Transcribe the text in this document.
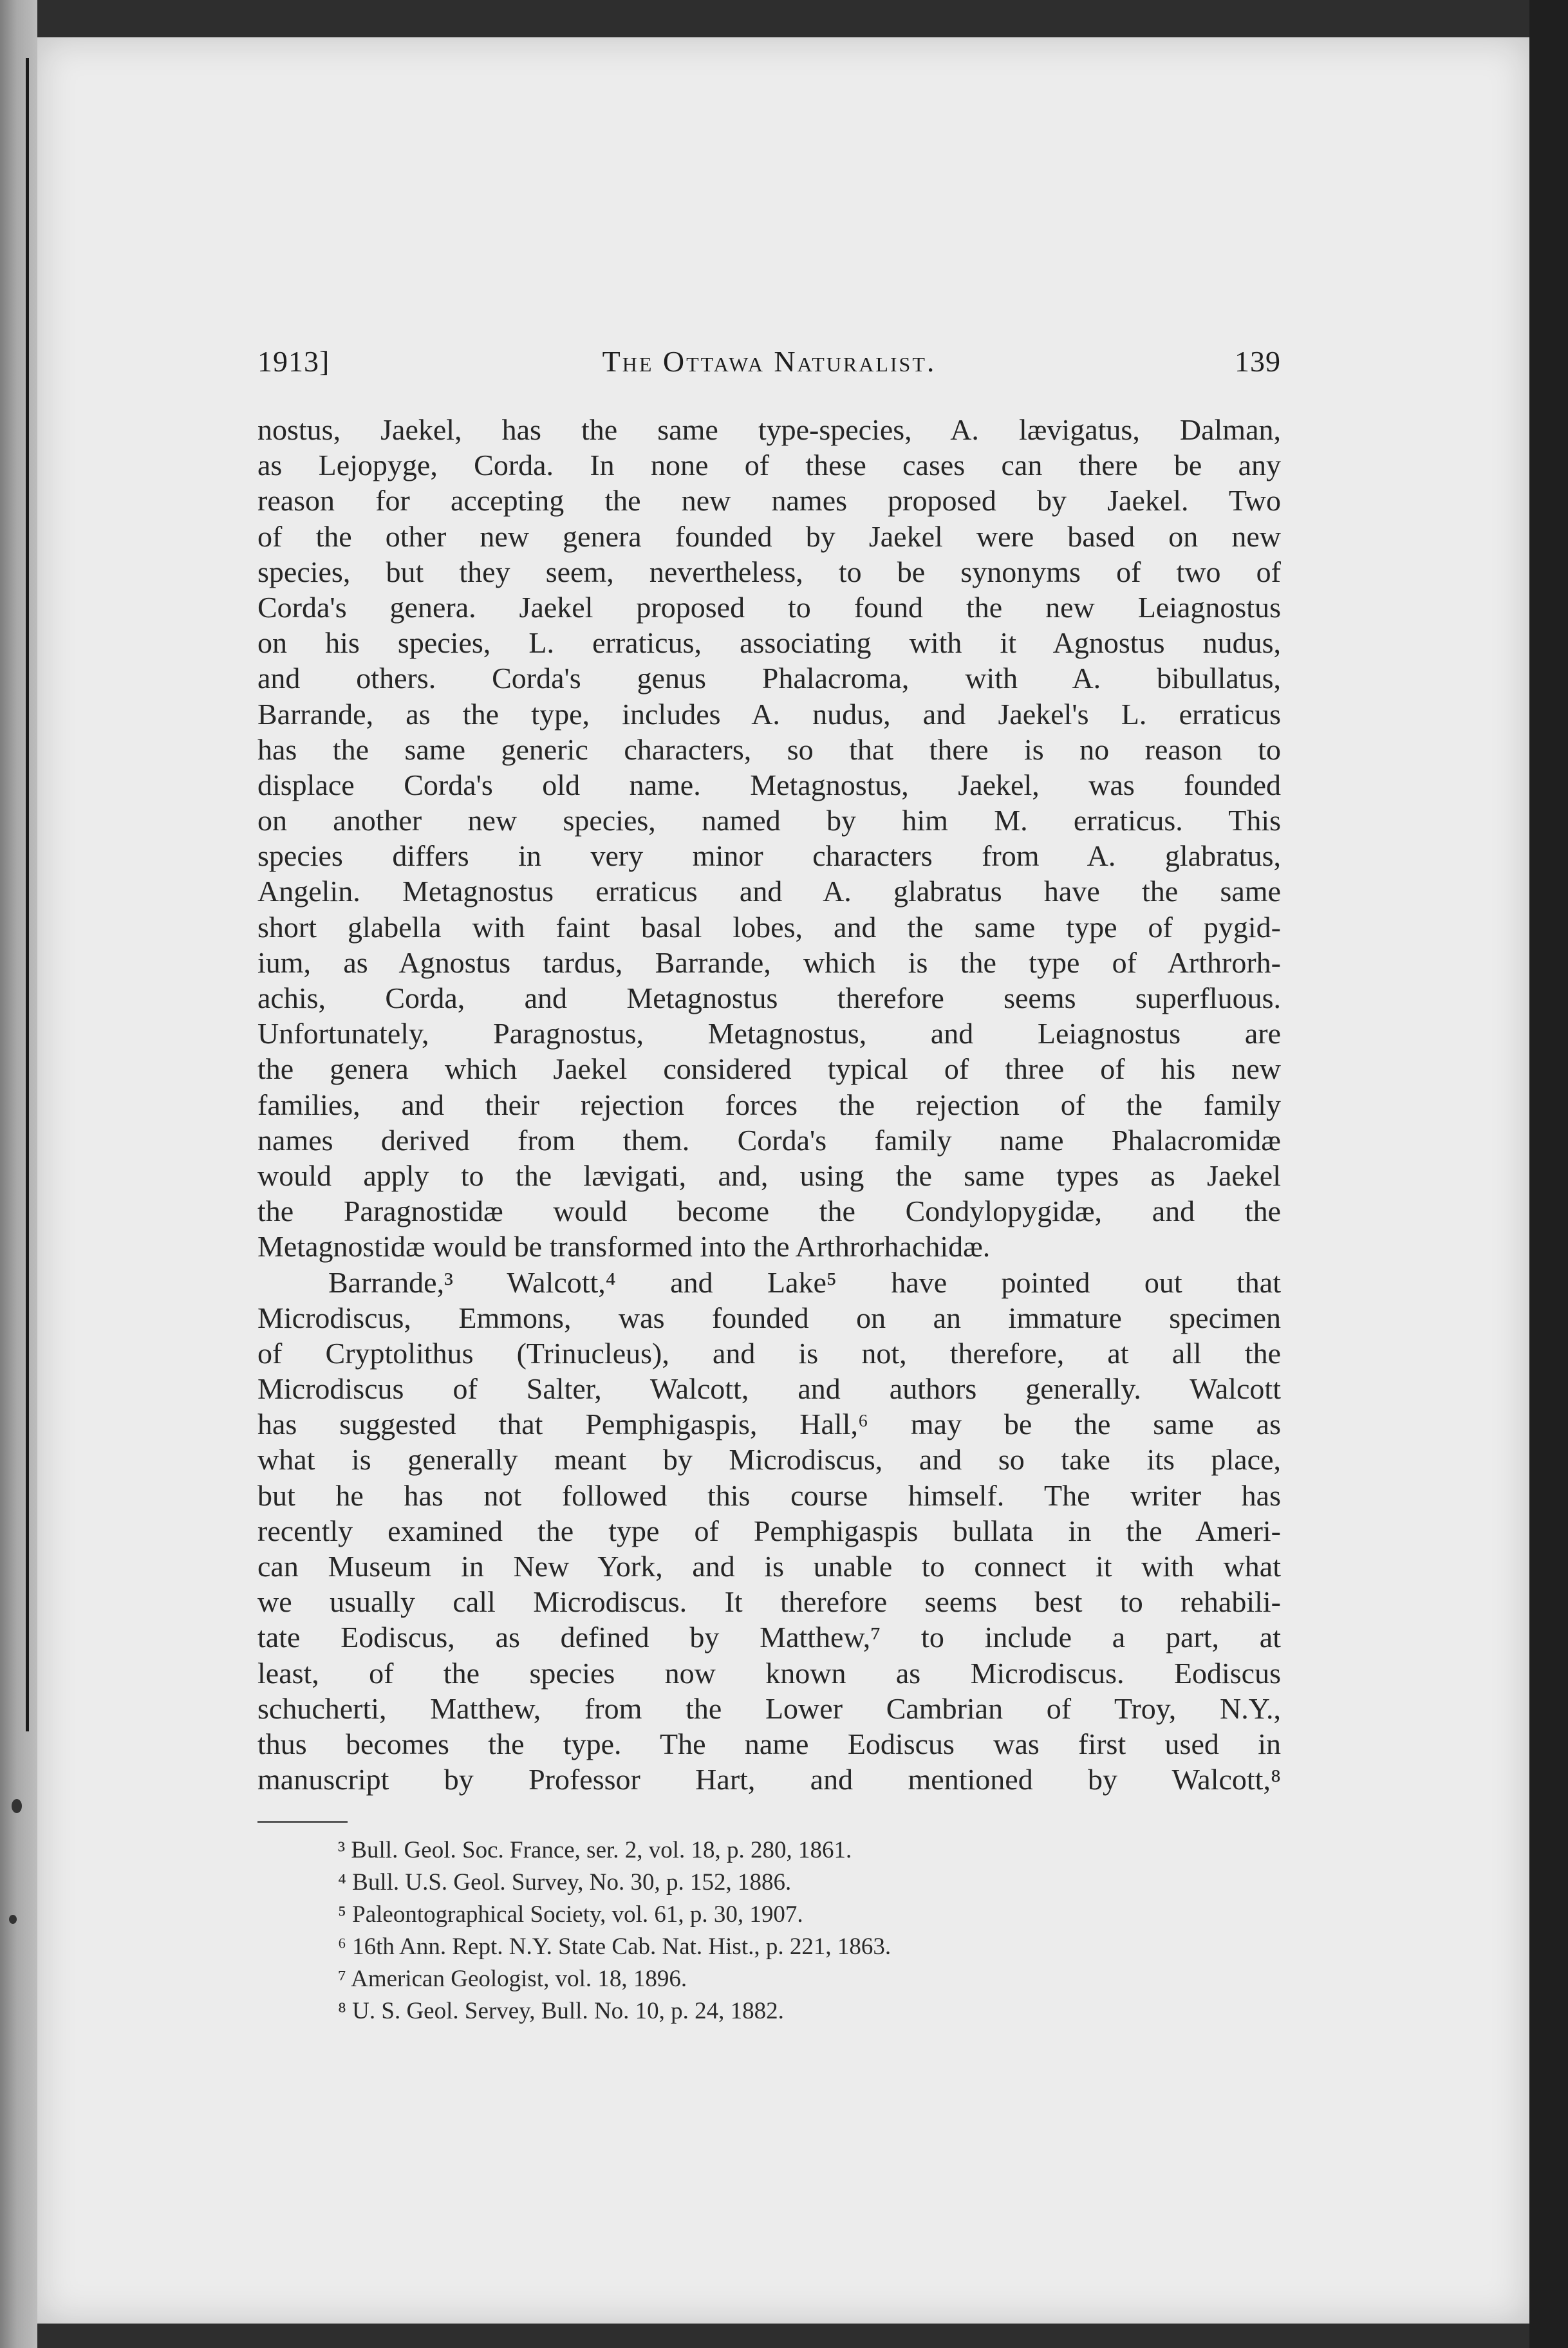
1913]	The Ottawa Naturalist.	139
nostus, Jaekel, has the same type-species, A. lævigatus, Dalman,
as Lejopyge, Corda. In none of these cases can there be any
reason for accepting the new names proposed by Jaekel. Two
of the other new genera founded by Jaekel were based on new
species, but they seem, nevertheless, to be synonyms of two of
Corda's genera. Jaekel proposed to found the new Leiagnostus
on his species, L. erraticus, associating with it Agnostus nudus,
and others. Corda's genus Phalacroma, with A. bibullatus,
Barrande, as the type, includes A. nudus, and Jaekel's L. erraticus
has the same generic characters, so that there is no reason to
displace Corda's old name. Metagnostus, Jaekel, was founded
on another new species, named by him M. erraticus. This
species differs in very minor characters from A. glabratus,
Angelin. Metagnostus erraticus and A. glabratus have the same
short glabella with faint basal lobes, and the same type of pygid-
ium, as Agnostus tardus, Barrande, which is the type of Arthrorh-
achis, Corda, and Metagnostus therefore seems superfluous.
Unfortunately, Paragnostus, Metagnostus, and Leiagnostus are
the genera which Jaekel considered typical of three of his new
families, and their rejection forces the rejection of the family
names derived from them. Corda's family name Phalacromidæ
would apply to the lævigati, and, using the same types as Jaekel
the Paragnostidæ would become the Condylopygidæ, and the
Metagnostidæ would be transformed into the Arthrorhachidæ.
Barrande,³ Walcott,⁴ and Lake⁵ have pointed out that
Microdiscus, Emmons, was founded on an immature specimen
of Cryptolithus (Trinucleus), and is not, therefore, at all the
Microdiscus of Salter, Walcott, and authors generally. Walcott
has suggested that Pemphigaspis, Hall,⁶ may be the same as
what is generally meant by Microdiscus, and so take its place,
but he has not followed this course himself. The writer has
recently examined the type of Pemphigaspis bullata in the Ameri-
can Museum in New York, and is unable to connect it with what
we usually call Microdiscus. It therefore seems best to rehabili-
tate Eodiscus, as defined by Matthew,⁷ to include a part, at
least, of the species now known as Microdiscus. Eodiscus
schucherti, Matthew, from the Lower Cambrian of Troy, N.Y.,
thus becomes the type. The name Eodiscus was first used in
manuscript by Professor Hart, and mentioned by Walcott,⁸
³ Bull. Geol. Soc. France, ser. 2, vol. 18, p. 280, 1861.
⁴ Bull. U.S. Geol. Survey, No. 30, p. 152, 1886.
⁵ Paleontographical Society, vol. 61, p. 30, 1907.
⁶ 16th Ann. Rept. N.Y. State Cab. Nat. Hist., p. 221, 1863.
⁷ American Geologist, vol. 18, 1896.
⁸ U. S. Geol. Servey, Bull. No. 10, p. 24, 1882.
